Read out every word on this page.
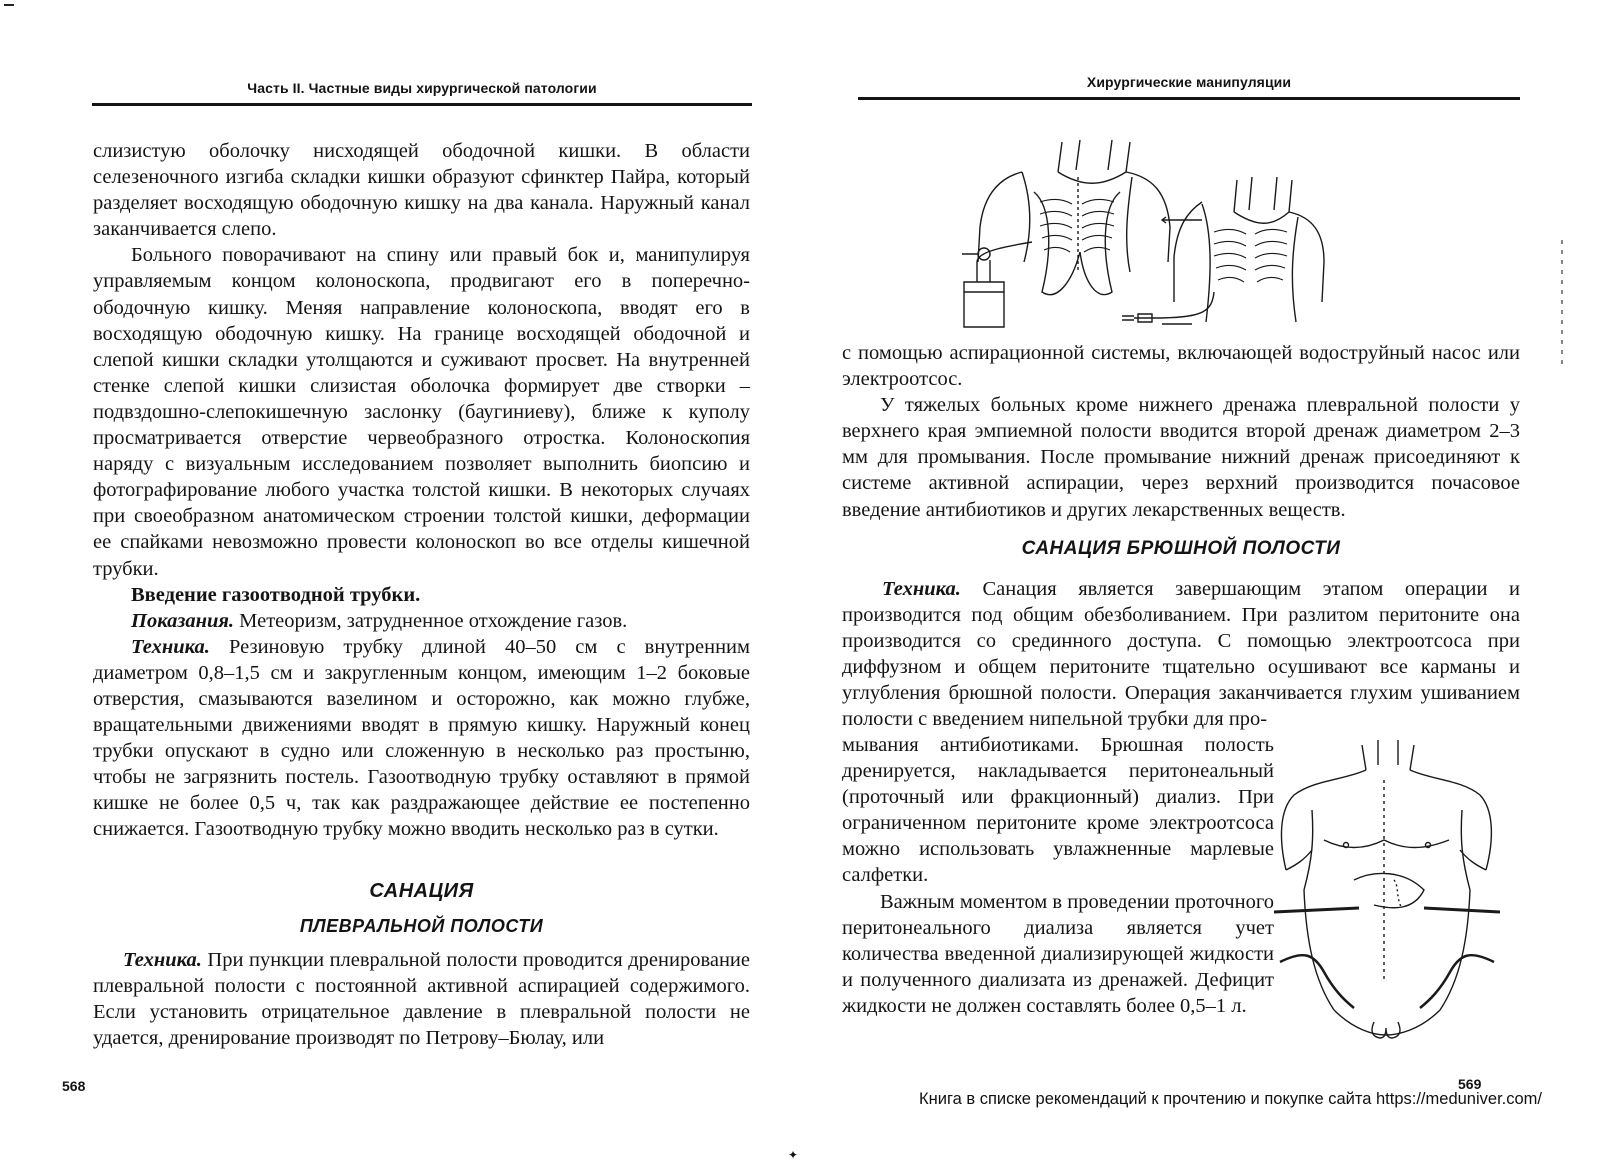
Часть II. Частные виды хирургической патологии

слизистую оболочку нисходящей ободочной кишки. В области селезеночного изгиба складки кишки образуют сфинктер Пайра, который разделяет восходящую ободочную кишку на два канала. Наружный канал заканчивается слепо.

Больного поворачивают на спину или правый бок и, манипулируя управляемым концом колоноскопа, продвигают его в поперечно-ободочную кишку. Меняя направление колоноскопа, вводят его в восходящую ободочную кишку. На границе восходящей ободочной и слепой кишки складки утолщаются и суживают просвет. На внутренней стенке слепой кишки слизистая оболочка формирует две створки – подвздошно-слепокишечную заслонку (баугиниеву), ближе к куполу просматривается отверстие червеобразного отростка. Колоноскопия наряду с визуальным исследованием позволяет выполнить биопсию и фотографирование любого участка толстой кишки. В некоторых случаях при своеобразном анатомическом строении толстой кишки, деформации ее спайками невозможно провести колоноскоп во все отделы кишечной трубки.

Введение газоотводной трубки.

Показания. Метеоризм, затрудненное отхождение газов.

Техника. Резиновую трубку длиной 40–50 см с внутренним диаметром 0,8–1,5 см и закругленным концом, имеющим 1–2 боковые отверстия, смазываются вазелином и осторожно, как можно глубже, вращательными движениями вводят в прямую кишку. Наружный конец трубки опускают в судно или сложенную в несколько раз простыню, чтобы не загрязнить постель. Газоотводную трубку оставляют в прямой кишке не более 0,5 ч, так как раздражающее действие ее постепенно снижается. Газоотводную трубку можно вводить несколько раз в сутки.

САНАЦИЯ
ПЛЕВРАЛЬНОЙ ПОЛОСТИ
Техника. При пункции плевральной полости проводится дренирование плевральной полости с постоянной активной аспирацией содержимого. Если установить отрицательное давление в плевральной полости не удается, дренирование производят по Петрову–Бюлау, или
568
Хирургические манипуляции

с помощью аспирационной системы, включающей водоструйный насос или электроотсос.

У тяжелых больных кроме нижнего дренажа плевральной полости у верхнего края эмпиемной полости вводится второй дренаж диаметром 2–3 мм для промывания. После промывание нижний дренаж присоединяют к системе активной аспирации, через верхний производится почасовое введение антибиотиков и других лекарственных веществ.

САНАЦИЯ БРЮШНОЙ ПОЛОСТИ
Техника. Санация является завершающим этапом операции и производится под общим обезболиванием. При разлитом перитоните она производится со срединного доступа. С помощью электроотсоса при диффузном и общем перитоните тщательно осушивают все карманы и углубления брюшной полости. Операция заканчивается глухим ушиванием полости с введением нипельной трубки для про-

мывания антибиотиками. Брюшная полость дренируется, накладывается перитонеальный (проточный или фракционный) диализ. При ограниченном перитоните кроме электроотсоса можно использовать увлажненные марлевые салфетки.

Важным моментом в проведении проточного перитонеального диализа является учет количества введенной диализирующей жидкости и полученного диализата из дренажей. Дефицит жидкости не должен составлять более 0,5–1 л.

569
Книга в списке рекомендаций к прочтению и покупке сайта https://meduniver.com/
✦
